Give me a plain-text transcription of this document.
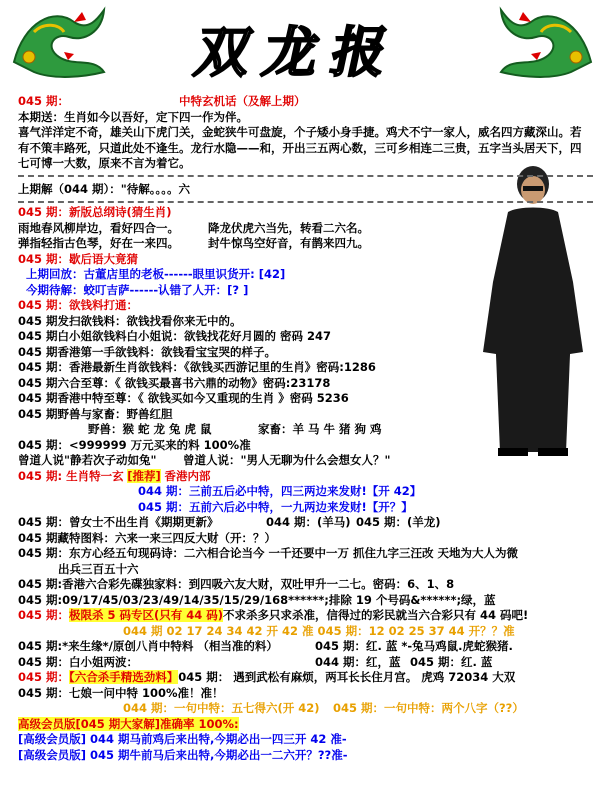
双龙报
045 期：	中特玄机话（及解上期）
本期送：生肖如今以吾好，定下四一作为伴。
喜气洋洋定不奇，雄关山下虎门关，金蛇狭牛可盘旋，个子矮小身手捷。鸡犬不宁一家人，威名四方藏深山。若有不策丰路死，只道此处不逢生。龙行水隐——和，开出三五两心数，三可乡相连二三贵，五字当头居天下，四七可博一大数，原来不言为着它。
上期解（044 期）："待解。。。。六
045 期：新版总纲诗(猜生肖)
雨地春风柳岸边，看好四合一。	降龙伏虎六当先，转看二六名。
弹指轻指古色琴，好在一来四。	封牛惊鸟空好音，有鹊来四九。
045 期：歇后语大竟猜
上期回放：古董店里的老板------眼里识货开: [42]
今期待解：蛟叮吉萨------认错了人开：[? ]
045 期：欲钱料打通：
045 期发扫欲钱料：欲钱找看你来无中的。
045 期白小姐欲钱料白小姐说：欲钱找花好月圆的 密码 247
045 期香港第一手欲钱料：欲钱看宝宝哭的样子。
045 期：香港最新生肖欲钱料：《欲钱买西游记里的生肖》密码:1286
045 期六合至尊：《 欲钱买最喜书六鼎的动物》密码:23178
045 期香港中特至尊：《 欲钱买如今又重现的生肖 》密码 5236
045 期野兽与家畜：野兽红胆
野兽：猴 蛇 龙 兔 虎 鼠	家畜：羊 马 牛 猪 狗 鸡
045 期：<999999 万元买来的料 100%准
曾道人说"静若次子动如兔" 曾道人说："男人无聊为什么会想女人？"
045 期: 生肖特一玄 [推荐] 香港内部
044 期：三前五后必中特，四三两边来发财!【开 42】
045 期：五前六后必中特，一九两边来发财!【开？】
045 期：曾女士不出生肖《期期更新》	044 期：(羊马) 045 期：(羊龙)
045 期藏特图料：六来一来三四反大财（开：？）
045 期：东方心经五句现码诗：二六相合论当今 一千还要中一万 抓住九字三汪改 天地为大人为微
出兵三百五十六
045 期:香港六合彩先碟独家料：到四吸六友大财，双吐甲升一二七。密码：6、1、8
045 期:09/17/45/03/23/49/14/35/15/29/168******;排除 19 个号码&******;绿，蓝
045 期：极限杀 5 码专区(只有 44 码)不求杀多只求杀准，信得过的彩民就当六合彩只有 44 码吧!
044 期 02 17 24 34 42 开 42 准 045 期：12 02 25 37 44 开？？准
045 期:*来生缘*/原创八肖中特料 （相当准的料）	045 期：红. 蓝 *-兔马鸡鼠.虎蛇猴猪.
045 期：白小姐两波：	044 期：红，蓝 045 期：红. 蓝
045 期：【六合杀手精选劲料】045 期： 遇到武松有麻烦，两耳长长住月宫。 虎鸡 72034 大双
045 期：七娘一问中特 100%准！准！
044 期：一句中特：五七得六(开 42) 045 期：一句中特：两个八字（??）
高级会员版[045 期大家解]准确率 100%:
[高级会员版] 044 期马前鸡后来出特,今期必出一四三开 42 准-
[高级会员版] 045 期牛前马后来出特,今期必出一二六开？??准-
